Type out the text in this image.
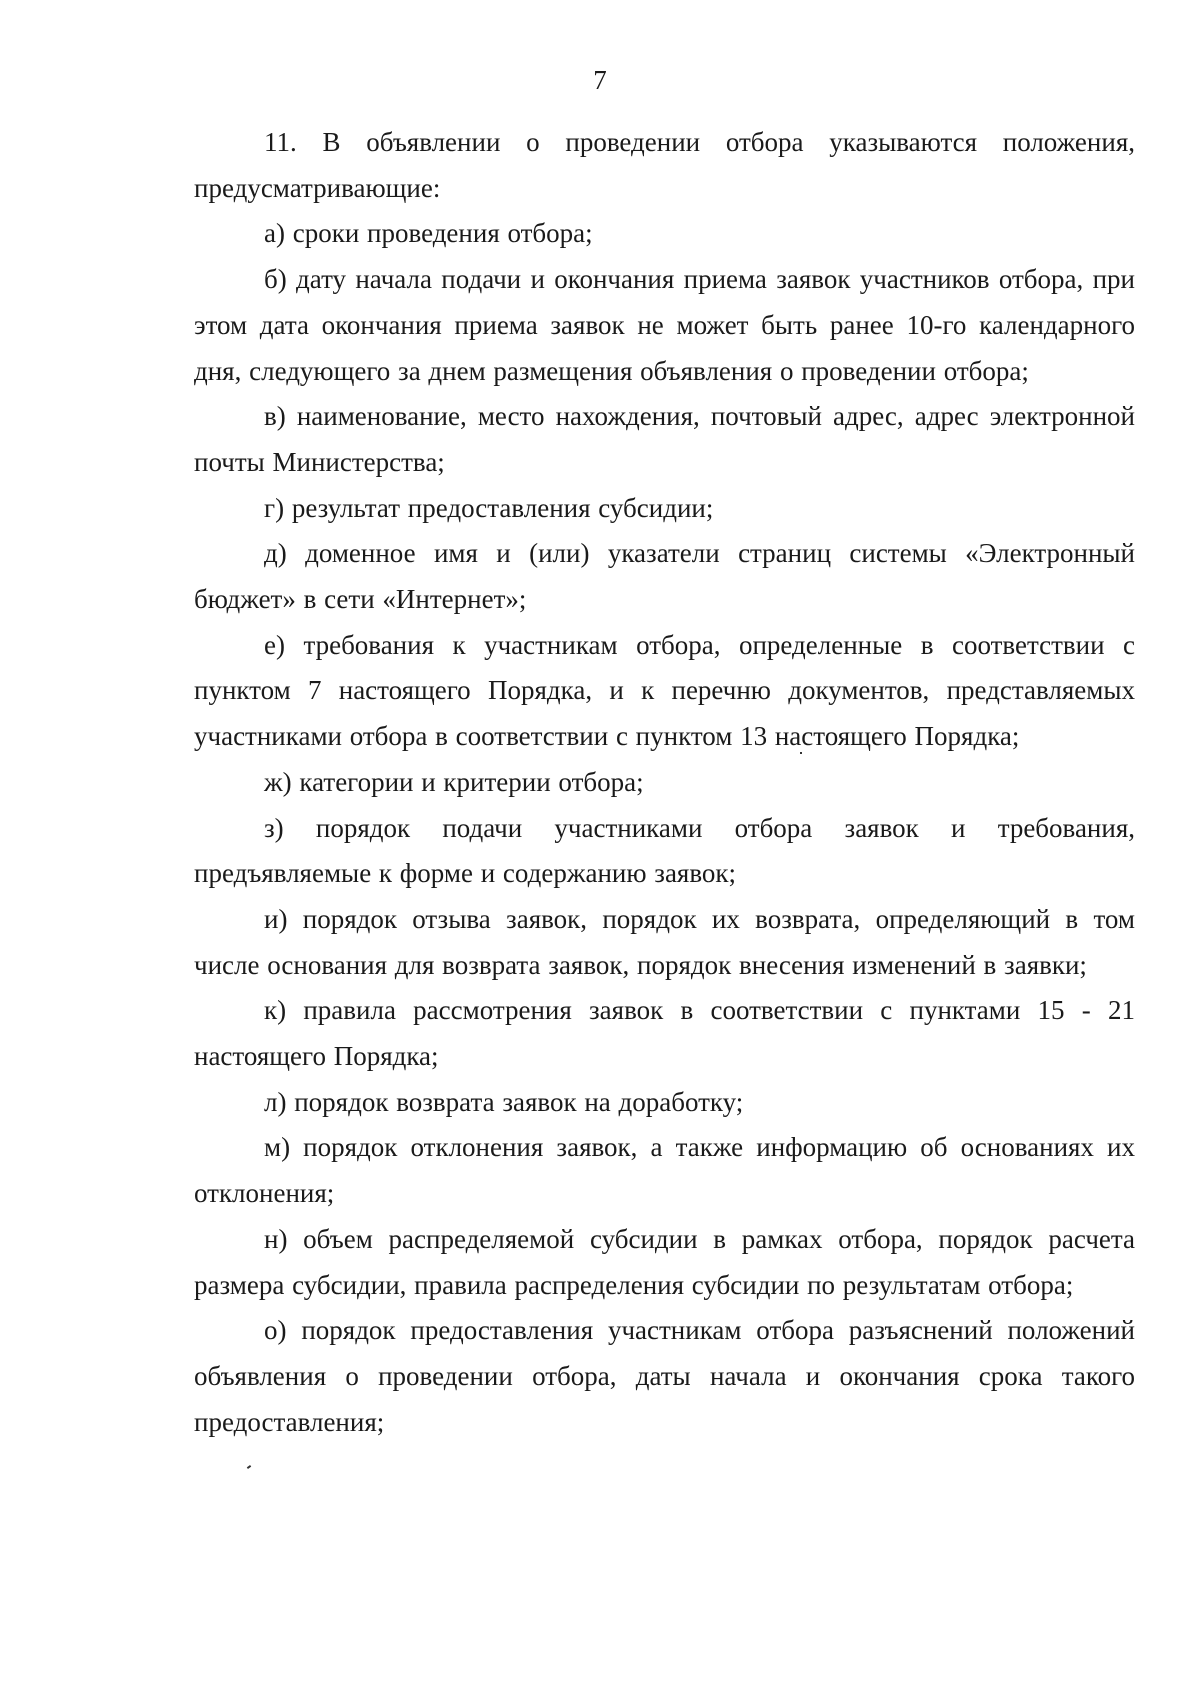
7

11. В объявлении о проведении отбора указываются положения, предусматривающие:

а) сроки проведения отбора;

б) дату начала подачи и окончания приема заявок участников отбора, при этом дата окончания приема заявок не может быть ранее 10-го календарного дня, следующего за днем размещения объявления о проведении отбора;

в) наименование, место нахождения, почтовый адрес, адрес электронной почты Министерства;

г) результат предоставления субсидии;

д) доменное имя и (или) указатели страниц системы «Электронный бюджет» в сети «Интернет»;

е) требования к участникам отбора, определенные в соответствии с пунктом 7 настоящего Порядка, и к перечню документов, представляемых участниками отбора в соответствии с пунктом 13 настоящего Порядка;

ж) категории и критерии отбора;

з) порядок подачи участниками отбора заявок и требования, предъявляемые к форме и содержанию заявок;

и) порядок отзыва заявок, порядок их возврата, определяющий в том числе основания для возврата заявок, порядок внесения изменений в заявки;

к) правила рассмотрения заявок в соответствии с пунктами 15 - 21 настоящего Порядка;

л) порядок возврата заявок на доработку;

м) порядок отклонения заявок, а также информацию об основаниях их отклонения;

н) объем распределяемой субсидии в рамках отбора, порядок расчета размера субсидии, правила распределения субсидии по результатам отбора;

о) порядок предоставления участникам отбора разъяснений положений объявления о проведении отбора, даты начала и окончания срока такого предоставления;
